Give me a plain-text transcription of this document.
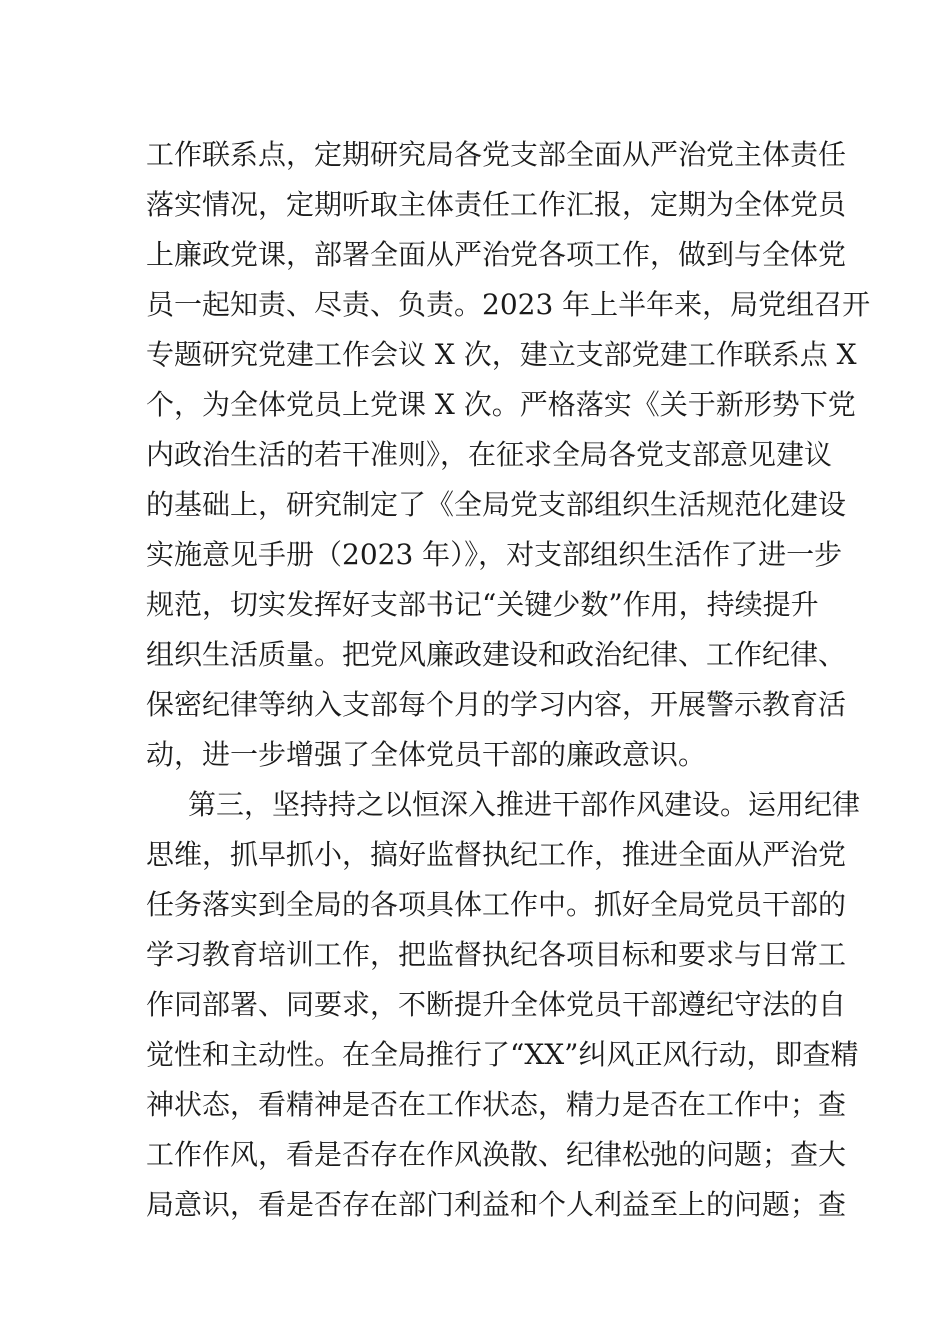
工作联系点，定期研究局各党支部全面从严治党主体责任
落实情况，定期听取主体责任工作汇报，定期为全体党员
上廉政党课，部署全面从严治党各项工作，做到与全体党
员一起知责、尽责、负责。2023 年上半年来，局党组召开
专题研究党建工作会议 X 次，建立支部党建工作联系点 X
个，为全体党员上党课 X 次。严格落实《关于新形势下党
内政治生活的若干准则》，在征求全局各党支部意见建议
的基础上，研究制定了《全局党支部组织生活规范化建设
实施意见手册（2023 年）》，对支部组织生活作了进一步
规范，切实发挥好支部书记“关键少数”作用，持续提升
组织生活质量。把党风廉政建设和政治纪律、工作纪律、
保密纪律等纳入支部每个月的学习内容，开展警示教育活
动，进一步增强了全体党员干部的廉政意识。
第三，坚持持之以恒深入推进干部作风建设。运用纪律
思维，抓早抓小，搞好监督执纪工作，推进全面从严治党
任务落实到全局的各项具体工作中。抓好全局党员干部的
学习教育培训工作，把监督执纪各项目标和要求与日常工
作同部署、同要求，不断提升全体党员干部遵纪守法的自
觉性和主动性。在全局推行了“XX”纠风正风行动，即查精
神状态，看精神是否在工作状态，精力是否在工作中；查
工作作风，看是否存在作风涣散、纪律松弛的问题；查大
局意识，看是否存在部门利益和个人利益至上的问题；查
